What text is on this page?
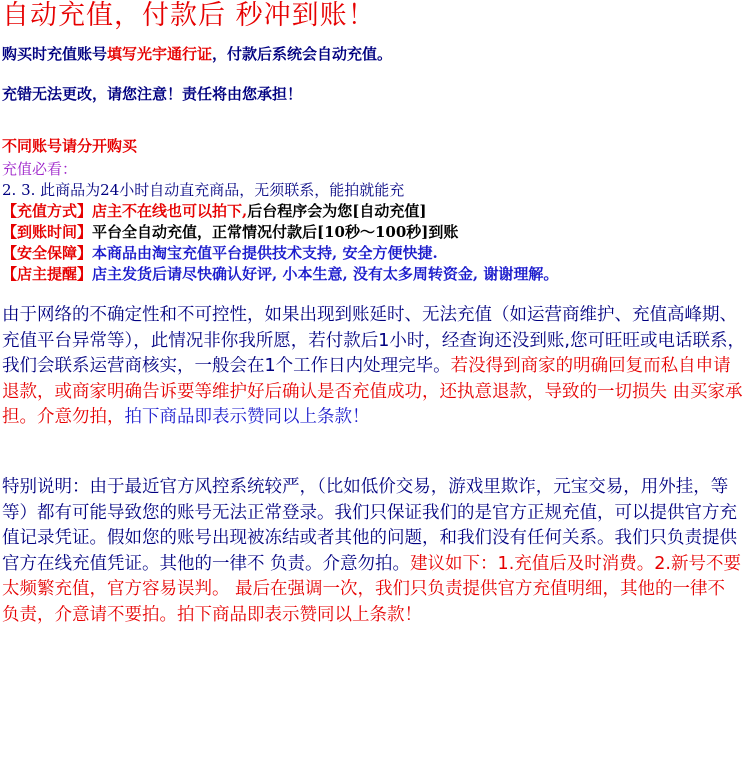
自动充值，付款后 秒冲到账！
购买时充值账号填写光宇通行证，付款后系统会自动充值。
充错无法更改，请您注意！责任将由您承担！
不同账号请分开购买
充值必看：
2. 3. 此商品为24小时自动直充商品，无须联系，能拍就能充
【充值方式】店主不在线也可以拍下,后台程序会为您[自动充值]
【到账时间】平台全自动充值，正常情况付款后[10秒～100秒]到账
【安全保障】本商品由淘宝充值平台提供技术支持, 安全方便快捷.
【店主提醒】店主发货后请尽快确认好评, 小本生意, 没有太多周转资金, 谢谢理解。
由于网络的不确定性和不可控性，如果出现到账延时、无法充值（如运营商维护、充值高峰期、充值平台异常等），此情况非你我所愿，若付款后1小时，经查询还没到账,您可旺旺或电话联系，我们会联系运营商核实，一般会在1个工作日内处理完毕。若没得到商家的明确回复而私自申请退款，或商家明确告诉要等维护好后确认是否充值成功，还执意退款，导致的一切损失 由买家承担。介意勿拍，拍下商品即表示赞同以上条款！
特别说明：由于最近官方风控系统较严，（比如低价交易，游戏里欺诈，元宝交易，用外挂，等等）都有可能导致您的账号无法正常登录。我们只保证我们的是官方正规充值，可以提供官方充值记录凭证。假如您的账号出现被冻结或者其他的问题，和我们没有任何关系。我们只负责提供官方在线充值凭证。其他的一律不 负责。介意勿拍。建议如下：1.充值后及时消费。2.新号不要太频繁充值，官方容易误判。 最后在强调一次，我们只负责提供官方充值明细，其他的一律不 负责，介意请不要拍。拍下商品即表示赞同以上条款！
